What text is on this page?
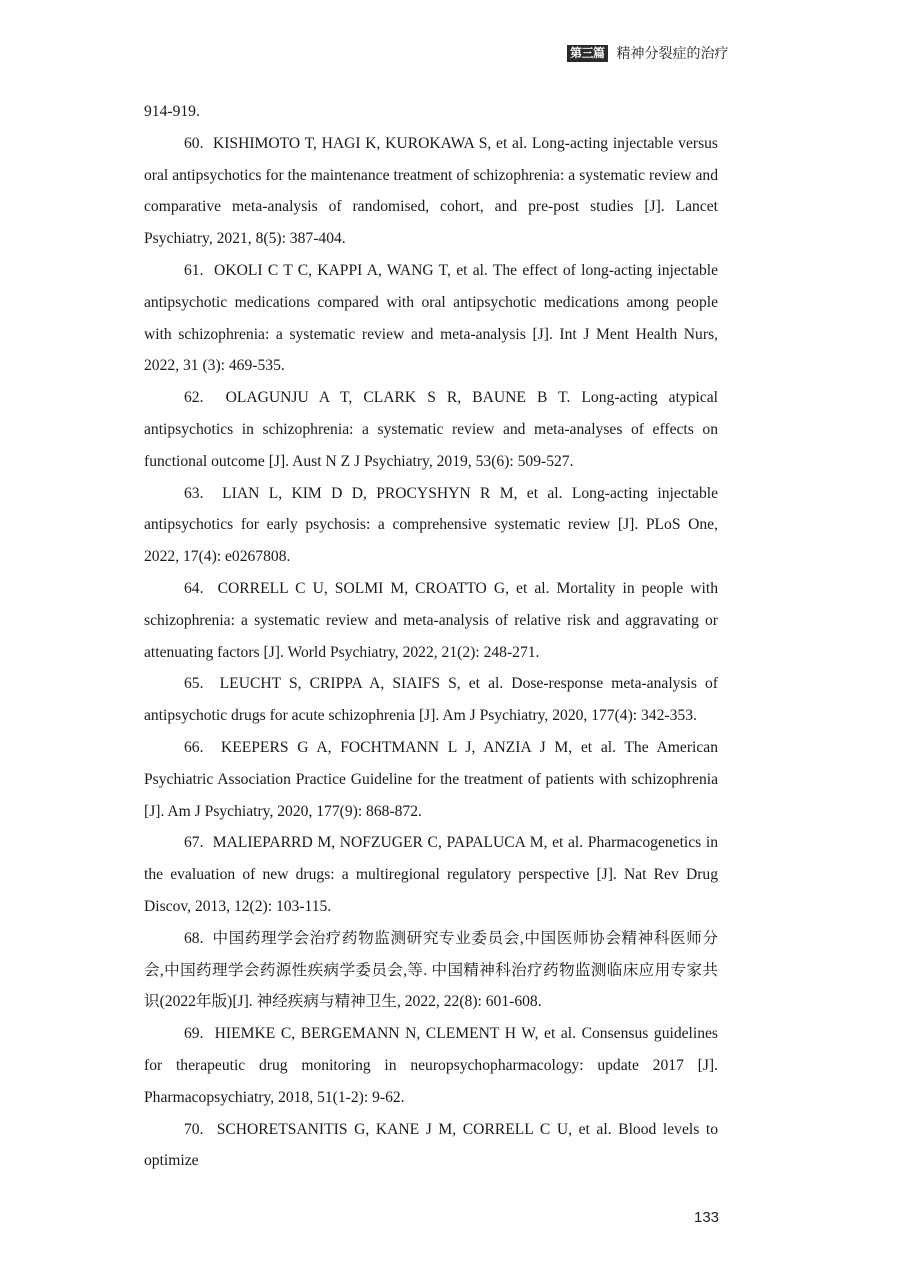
第三篇 精神分裂症的治疗

914-919.

60. KISHIMOTO T, HAGI K, KUROKAWA S, et al. Long-acting injectable versus oral antipsychotics for the maintenance treatment of schizophrenia: a systematic review and comparative meta-analysis of randomised, cohort, and pre-post studies [J]. Lancet Psychiatry, 2021, 8(5): 387-404.

61. OKOLI C T C, KAPPI A, WANG T, et al. The effect of long-acting injectable antipsychotic medications compared with oral antipsychotic medications among people with schizophrenia: a systematic review and meta-analysis [J]. Int J Ment Health Nurs, 2022, 31 (3): 469-535.

62. OLAGUNJU A T, CLARK S R, BAUNE B T. Long-acting atypical antipsychotics in schizophrenia: a systematic review and meta-analyses of effects on functional outcome [J]. Aust N Z J Psychiatry, 2019, 53(6): 509-527.

63. LIAN L, KIM D D, PROCYSHYN R M, et al. Long-acting injectable antipsychotics for early psychosis: a comprehensive systematic review [J]. PLoS One, 2022, 17(4): e0267808.

64. CORRELL C U, SOLMI M, CROATTO G, et al. Mortality in people with schizophrenia: a systematic review and meta-analysis of relative risk and aggravating or attenuating factors [J]. World Psychiatry, 2022, 21(2): 248-271.

65. LEUCHT S, CRIPPA A, SIAIFS S, et al. Dose-response meta-analysis of antipsychotic drugs for acute schizophrenia [J]. Am J Psychiatry, 2020, 177(4): 342-353.

66. KEEPERS G A, FOCHTMANN L J, ANZIA J M, et al. The American Psychiatric Association Practice Guideline for the treatment of patients with schizophrenia [J]. Am J Psychiatry, 2020, 177(9): 868-872.

67. MALIEPARRD M, NOFZUGER C, PAPALUCA M, et al. Pharmacogenetics in the evaluation of new drugs: a multiregional regulatory perspective [J]. Nat Rev Drug Discov, 2013, 12(2): 103-115.

68. 中国药理学会治疗药物监测研究专业委员会,中国医师协会精神科医师分会,中国药理学会药源性疾病学委员会,等. 中国精神科治疗药物监测临床应用专家共识(2022年版)[J]. 神经疾病与精神卫生, 2022, 22(8): 601-608.

69. HIEMKE C, BERGEMANN N, CLEMENT H W, et al. Consensus guidelines for therapeutic drug monitoring in neuropsychopharmacology: update 2017 [J]. Pharmacopsychiatry, 2018, 51(1-2): 9-62.

70. SCHORETSANITIS G, KANE J M, CORRELL C U, et al. Blood levels to optimize

133
